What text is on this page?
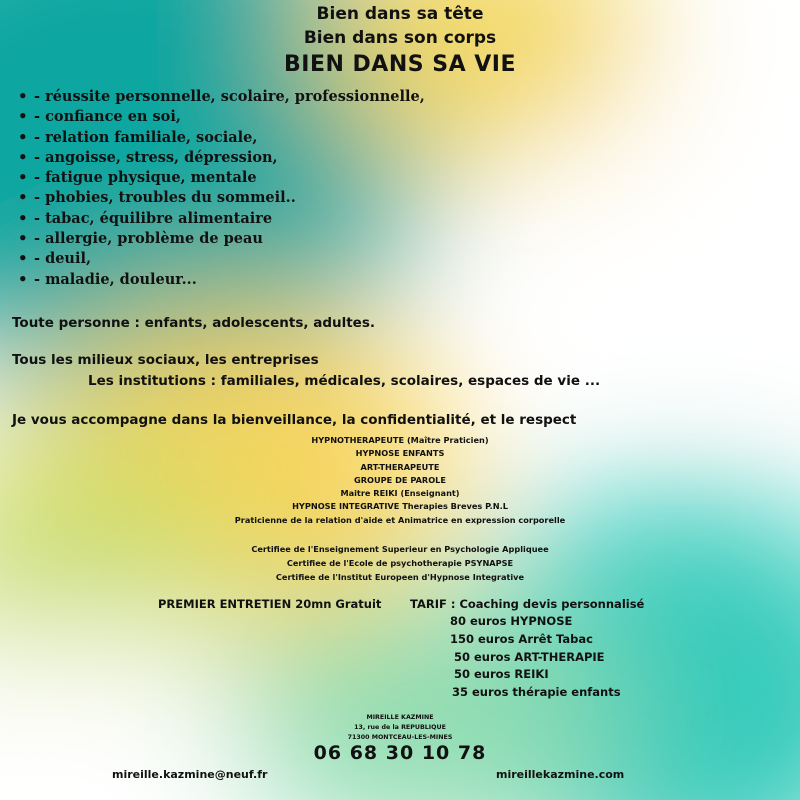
Bien dans sa tête
Bien dans son corps
BIEN DANS SA VIE
• - réussite personnelle, scolaire, professionnelle,
• - confiance en soi,
• - relation familiale, sociale,
• - angoisse, stress, dépression,
• - fatigue physique, mentale
• - phobies, troubles du sommeil..
• - tabac, équilibre alimentaire
• - allergie, problème de peau
• - deuil,
• - maladie, douleur...
Toute personne : enfants, adolescents, adultes.
Tous les milieux sociaux, les entreprises
Les institutions : familiales, médicales, scolaires, espaces de vie ...
Je vous accompagne dans la bienveillance, la confidentialité, et le respect
HYPNOTHERAPEUTE (Maître Praticien)
HYPNOSE ENFANTS
ART-THERAPEUTE
GROUPE DE PAROLE
Maitre REIKI (Enseignant)
HYPNOSE INTEGRATIVE Therapies Breves P.N.L
Praticienne de la relation d'aide et Animatrice en expression corporelle
Certifiee de l'Enseignement Superieur en Psychologie Appliquee
Certifiee de l'Ecole de psychotherapie PSYNAPSE
Certifiee de l'Institut Europeen d'Hypnose Integrative
PREMIER ENTRETIEN 20mn Gratuit TARIF : Coaching devis personnalisé
80 euros HYPNOSE
150 euros Arrêt Tabac
50 euros ART-THERAPIE
50 euros REIKI
35 euros thérapie enfants
MIREILLE KAZMINE
13, rue de la REPUBLIQUE
71300 MONTCEAU-LES-MINES
06 68 30 10 78
mireille.kazmine@neuf.fr	mireillekazmine.com
